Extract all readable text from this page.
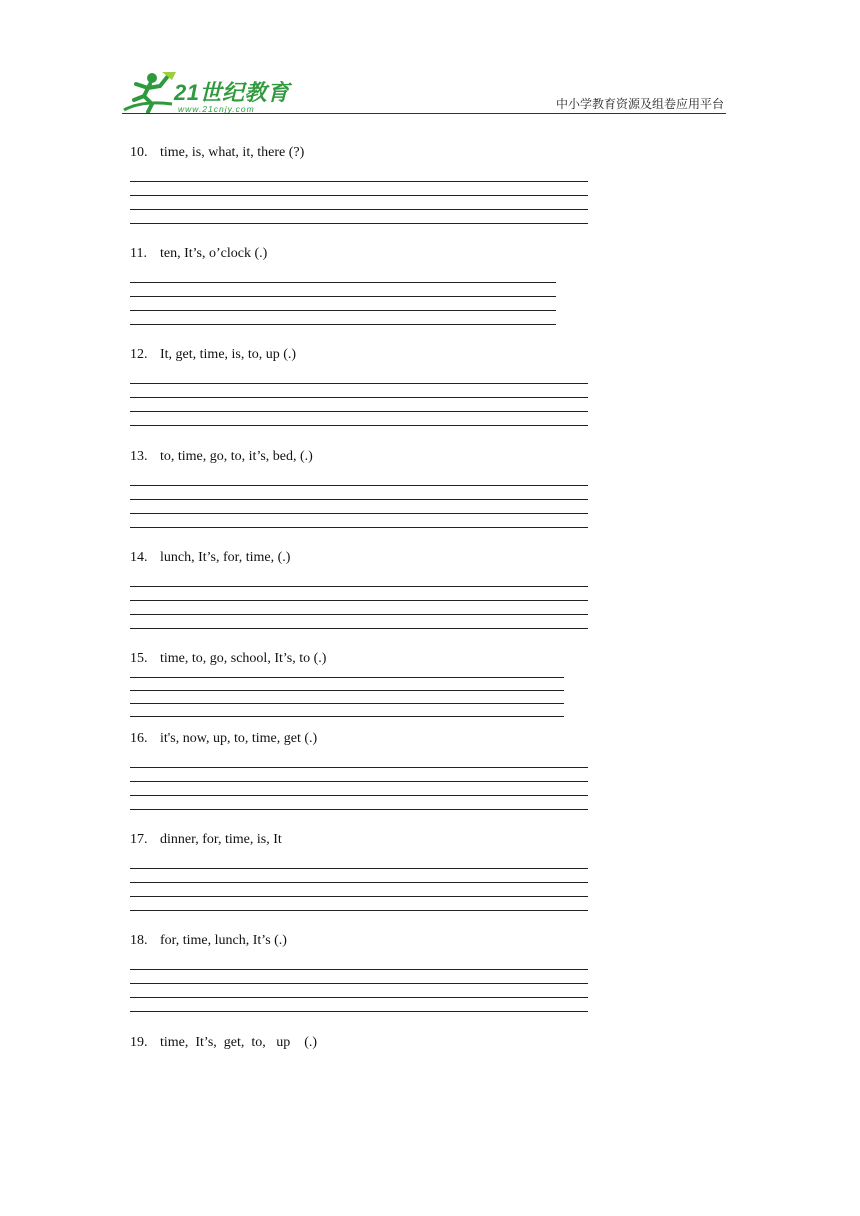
21世纪教育
www.21cnjy.com	中小学教育资源及组卷应用平台
10. time, is, what, it, there (?)
11. ten, It’s, o’clock (.)
12. It, get, time, is, to, up (.)
13. to, time, go, to, it’s, bed, (.)
14. lunch, It’s, for, time, (.)
15. time, to, go, school, It’s, to (.)
16. it's, now, up, to, time, get (.)
17. dinner, for, time, is, It
18. for, time, lunch, It’s (.)
19. time,  It’s,  get,  to,   up    (.)
